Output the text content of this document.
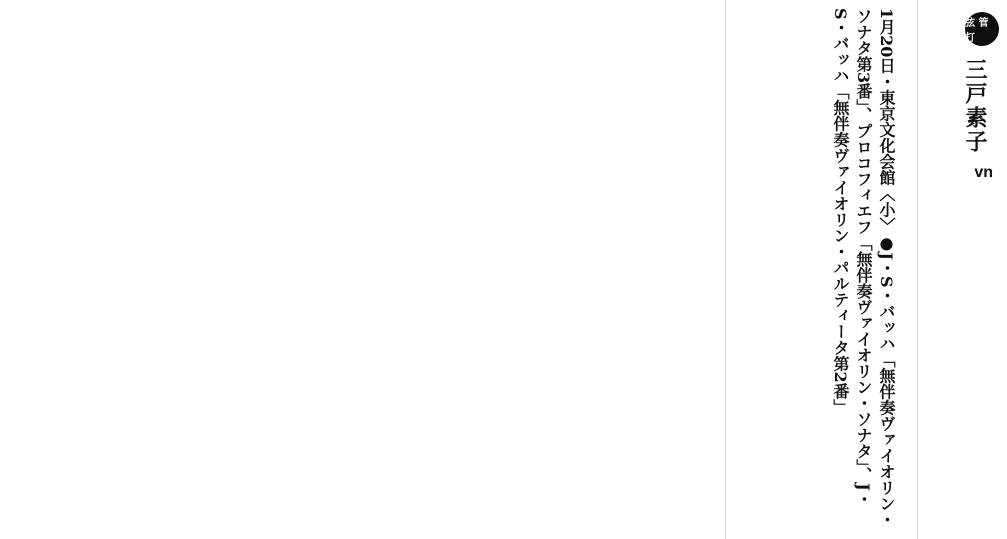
弦 管 打
三戸素子
vn
1月20日・東京文化会館〈小〉●J・S・バッハ「無伴奏ヴァイオリン・ソナタ第3番」、プロコフィエフ「無伴奏ヴァイオリン・ソナタ」、J・S・バッハ「無伴奏ヴァイオリン・パルティータ第2番」
